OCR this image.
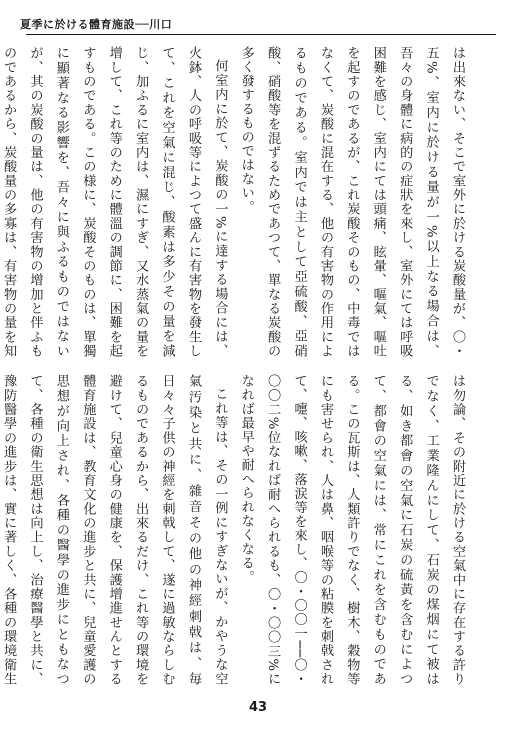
夏季に於ける體育施設──川口

は出來ない、そこで室外に於ける炭酸量が、〇・五%、室内に於ける量が一%以上なる場合は、吾々の身體に病的の症狀を來し、室外にては呼吸困難を感じ、室内にては頭痛、眩暈、嘔氣、嘔吐を起すのであるが、これ炭酸そのもの、中毒ではなくて、炭酸に混在する、他の有害物の作用によるものである。室内では主として亞硫酸、亞硝酸、硝酸等を混ずるためであつて、單なる炭酸の多く發するものではない。

何室内に於て、炭酸の一%に達する場合には、火鉢、人の呼吸等によつて盛んに有害物を發生して、これを空氣に混じ、酸素は多少その量を減じ、加ふるに室内は、濕にすぎ、又水蒸氣の量を增して、これ等のために體溫の調節に、困難を起すものである。この様に、炭酸そのものは、單獨に顯著なる影響を、吾々に與ふるものではないが、其の炭酸の量は、他の有害物の增加と伴ふものであるから、炭酸量の多寡は、有害物の量を知

は勿論、その附近に於ける空氣中に存在する許りでなく、工業隆んにして、石炭の煤烟にて被はる、如き都會の空氣に石炭の硫黃を含むによつて、都會の空氣には、常にこれを含むものである。この瓦斯は、人類許りでなく、樹木、穀物等にも害せられ、人は鼻、咽喉等の粘膜を刺戟されて、嚏、咳嗽、落涙等を來し、〇・〇〇一──〇・〇〇二%位なれば耐へられるも、〇・〇〇三%になれば最早や耐へられなくなる。

これ等は、その一例にすぎないが、かやうな空氣汚染と共に、雜音その他の神經刺戟は、毎日々々子供の神經を刺戟して、遂に過敏ならしむるものであるから、出來るだけ、これ等の環境を避けて、兒童心身の健康を、保護增進せんとする體育施設は、教育文化の進步と共に、兒童愛護の思想が向上され、各種の醫學の進步にともなつて、各種の衛生思想は向上し、治療醫學と共に、豫防醫學の進步は、實に著しく、各種の環境衛生

43
